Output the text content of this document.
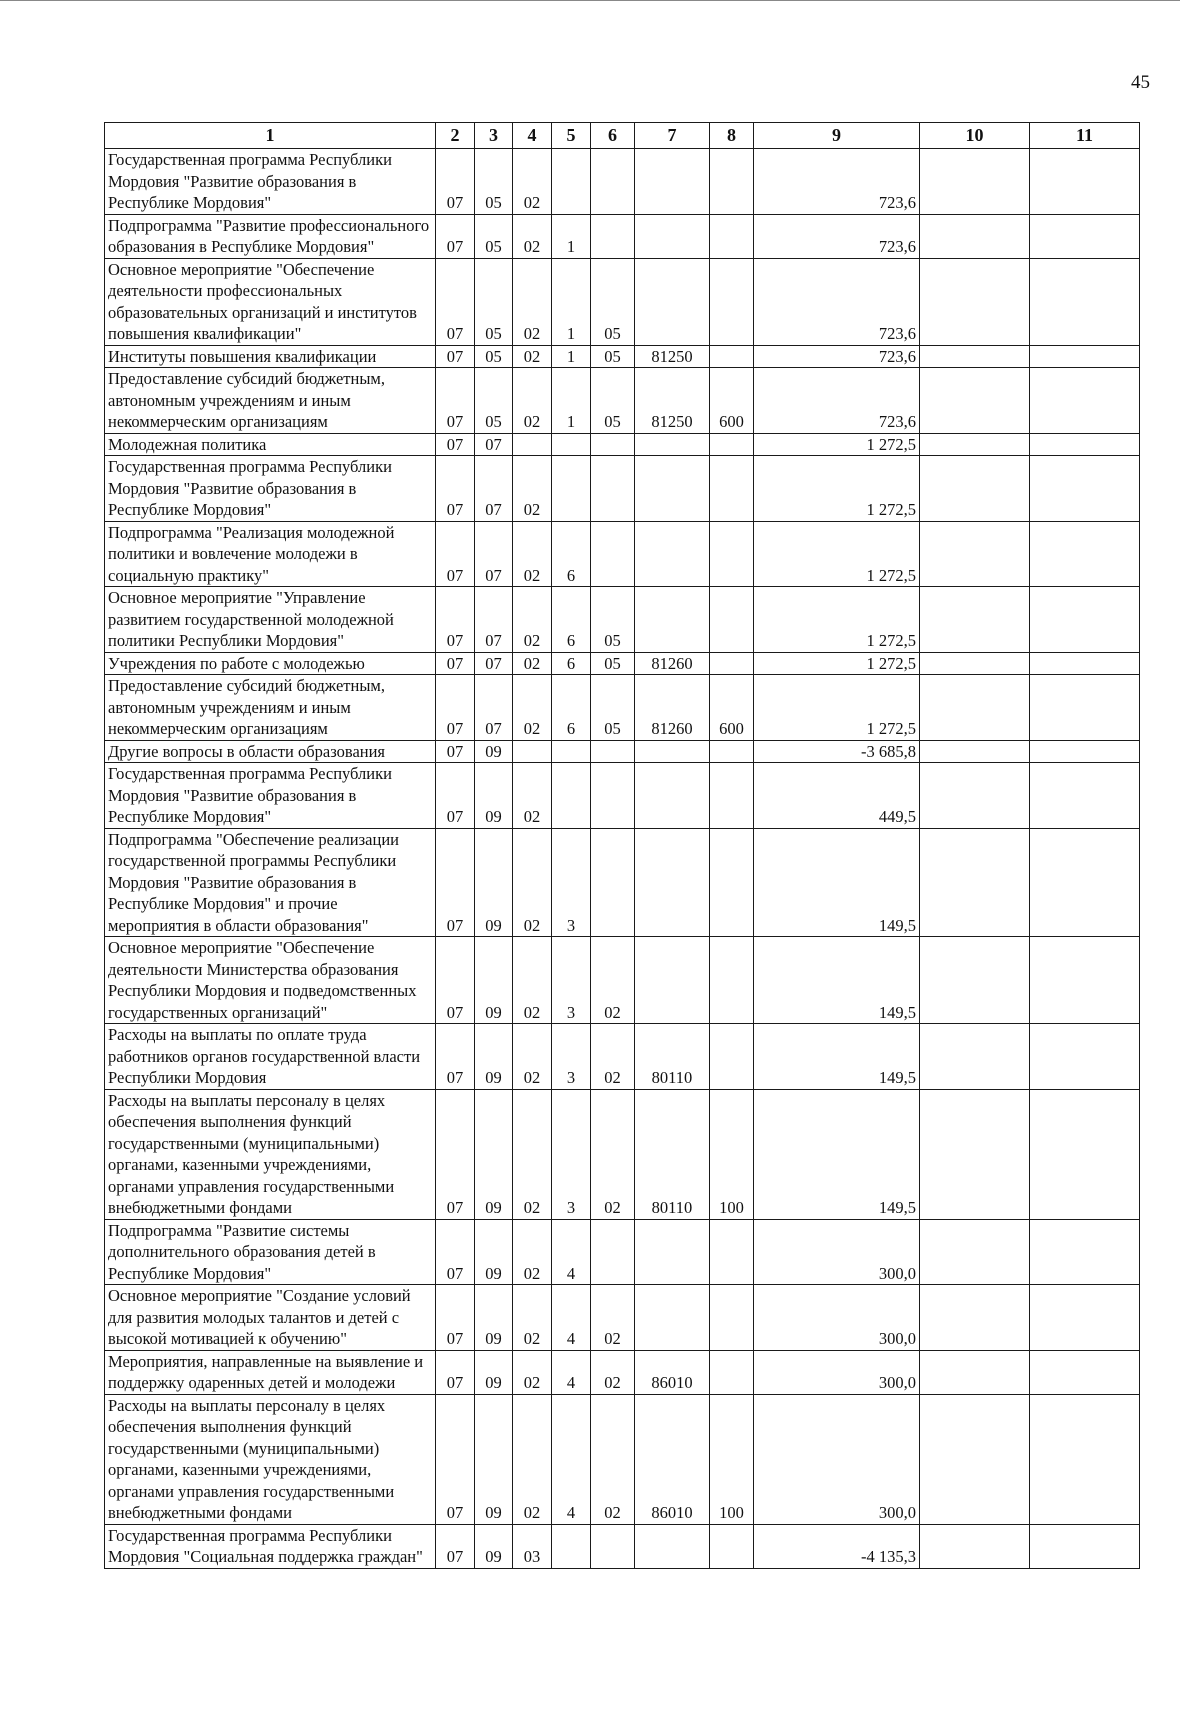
45
1	2	3	4	5	6	7	8	9	10	11
Государственная программа Республики Мордовия "Развитие образования в Республике Мордовия"	07	05	02					723,6		
Подпрограмма "Развитие профессионального образования в Республике Мордовия"	07	05	02	1				723,6		
Основное мероприятие "Обеспечение деятельности профессиональных образовательных организаций и институтов повышения квалификации"	07	05	02	1	05			723,6		
Институты повышения квалификации	07	05	02	1	05	81250		723,6		
Предоставление субсидий бюджетным, автономным учреждениям и иным некоммерческим организациям	07	05	02	1	05	81250	600	723,6		
Молодежная политика	07	07						1 272,5		
Государственная программа Республики Мордовия "Развитие образования в Республике Мордовия"	07	07	02					1 272,5		
Подпрограмма "Реализация молодежной политики и вовлечение молодежи в социальную практику"	07	07	02	6				1 272,5		
Основное мероприятие "Управление развитием государственной молодежной политики Республики Мордовия"	07	07	02	6	05			1 272,5		
Учреждения по работе с молодежью	07	07	02	6	05	81260		1 272,5		
Предоставление субсидий бюджетным, автономным учреждениям и иным некоммерческим организациям	07	07	02	6	05	81260	600	1 272,5		
Другие вопросы в области образования	07	09						-3 685,8		
Государственная программа Республики Мордовия "Развитие образования в Республике Мордовия"	07	09	02					449,5		
Подпрограмма "Обеспечение реализации государственной программы Республики Мордовия "Развитие образования в Республике Мордовия" и прочие мероприятия в области образования"	07	09	02	3				149,5		
Основное мероприятие "Обеспечение деятельности Министерства образования Республики Мордовия и подведомственных государственных организаций"	07	09	02	3	02			149,5		
Расходы на выплаты по оплате труда работников органов государственной власти Республики Мордовия	07	09	02	3	02	80110		149,5		
Расходы на выплаты персоналу в целях обеспечения выполнения функций государственными (муниципальными) органами, казенными учреждениями, органами управления государственными внебюджетными фондами	07	09	02	3	02	80110	100	149,5		
Подпрограмма "Развитие системы дополнительного образования детей в Республике Мордовия"	07	09	02	4				300,0		
Основное мероприятие "Создание условий для развития молодых талантов и детей с высокой мотивацией к обучению"	07	09	02	4	02			300,0		
Мероприятия, направленные на выявление и поддержку одаренных детей и молодежи	07	09	02	4	02	86010		300,0		
Расходы на выплаты персоналу в целях обеспечения выполнения функций государственными (муниципальными) органами, казенными учреждениями, органами управления государственными внебюджетными фондами	07	09	02	4	02	86010	100	300,0		
Государственная программа Республики Мордовия "Социальная поддержка граждан"	07	09	03					-4 135,3		
